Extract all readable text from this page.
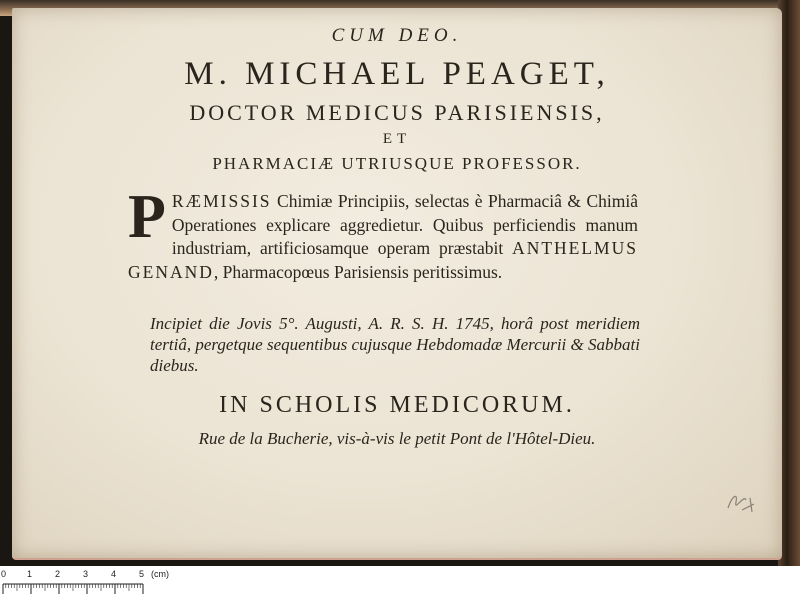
CUM DEO.
M. MICHAEL PEAGET,
DOCTOR MEDICUS PARISIENSIS,
ET
PHARMACIÆ UTRIUSQUE PROFESSOR.
PRÆMISSIS Chimiæ Principiis, selectas è Pharmaciâ & Chimiâ Operationes explicare aggredietur. Quibus perficiendis manum industriam, artificiosamque operam præstabit ANTHELMUS GENAND, Pharmacopœus Parisiensis peritissimus.
Incipiet die Jovis 5°. Augusti, A. R. S. H. 1745, horâ post meridiem tertiâ, pergetque sequentibus cujusque Hebdomadæ Mercurii & Sabbati diebus.
IN SCHOLIS MEDICORUM.
Rue de la Bucherie, vis-à-vis le petit Pont de l'Hôtel-Dieu.
0 1	2	3	4	5 (cm)
